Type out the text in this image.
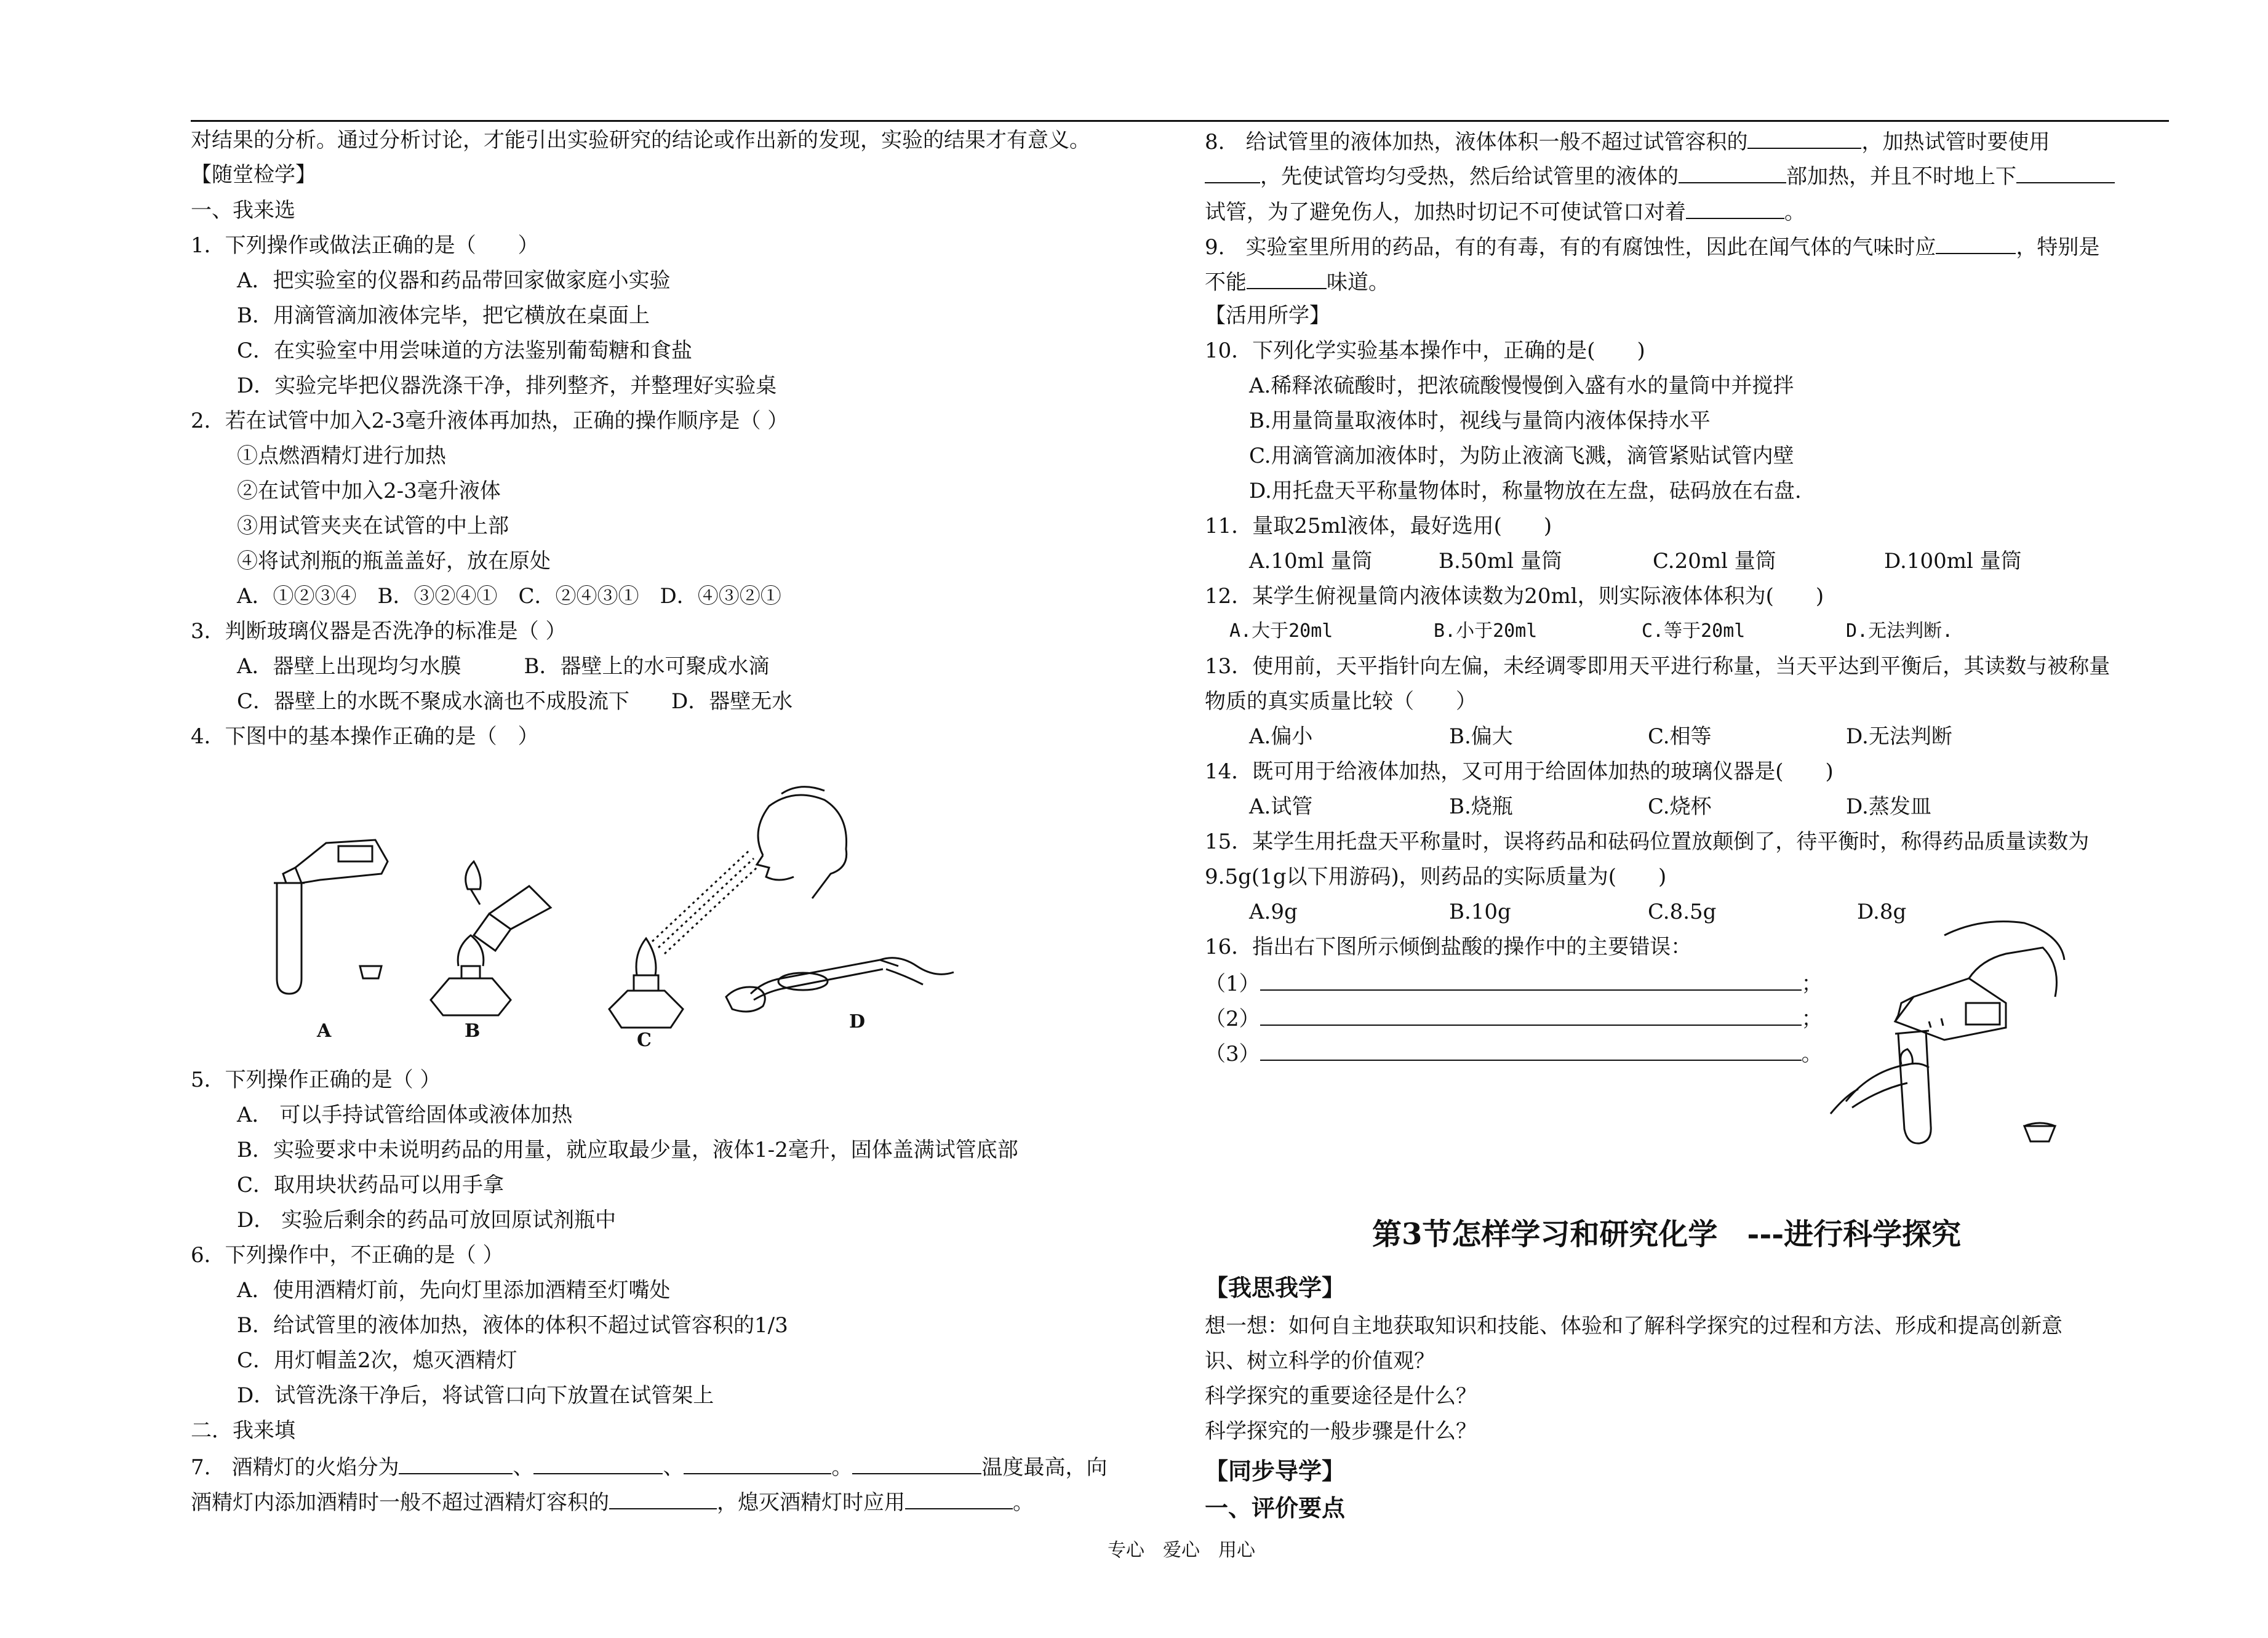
对结果的分析。通过分析讨论，才能引出实验研究的结论或作出新的发现，实验的结果才有意义。
【随堂检学】
一、我来选
1．下列操作或做法正确的是（　　）
A．把实验室的仪器和药品带回家做家庭小实验
B．用滴管滴加液体完毕，把它横放在桌面上
C．在实验室中用尝味道的方法鉴别葡萄糖和食盐
D．实验完毕把仪器洗涤干净，排列整齐，并整理好实验桌
2．若在试管中加入2-3毫升液体再加热，正确的操作顺序是（ ）
①点燃酒精灯进行加热
②在试管中加入2-3毫升液体
③用试管夹夹在试管的中上部
④将试剂瓶的瓶盖盖好，放在原处
A．①②③④　B．③②④①　C．②④③①　D．④③②①
3．判断玻璃仪器是否洗净的标准是（ ）
A．器壁上出现均匀水膜　　　B．器壁上的水可聚成水滴
C．器壁上的水既不聚成水滴也不成股流下　　D．器壁无水
4．下图中的基本操作正确的是（　）
A	B	C
D
5．下列操作正确的是（ ）
A． 可以手持试管给固体或液体加热
B．实验要求中未说明药品的用量，就应取最少量，液体1-2毫升，固体盖满试管底部
C．取用块状药品可以用手拿
D． 实验后剩余的药品可放回原试剂瓶中
6．下列操作中，不正确的是（ ）
A．使用酒精灯前，先向灯里添加酒精至灯嘴处
B．给试管里的液体加热，液体的体积不超过试管容积的1/3
C．用灯帽盖2次，熄灭酒精灯
D．试管洗涤干净后，将试管口向下放置在试管架上
二．我来填
7.　酒精灯的火焰分为	、	、	。	温度最高，向
酒精灯内添加酒精时一般不超过酒精灯容积的	，熄灭酒精灯时应用	。
8.　给试管里的液体加热，液体体积一般不超过试管容积的	，加热试管时要使用
，先使试管均匀受热，然后给试管里的液体的	部加热，并且不时地上下
试管，为了避免伤人，加热时切记不可使试管口对着	。
9.　实验室里所用的药品，有的有毒，有的有腐蚀性，因此在闻气体的气味时应	，特别是
不能	味道。
【活用所学】
10．下列化学实验基本操作中，正确的是(　　)
A.稀释浓硫酸时，把浓硫酸慢慢倒入盛有水的量筒中并搅拌
B.用量筒量取液体时，视线与量筒内液体保持水平
C.用滴管滴加液体时，为防止液滴飞溅，滴管紧贴试管内壁
D.用托盘天平称量物体时，称量物放在左盘，砝码放在右盘.
11．量取25ml液体，最好选用(　　)
A.10ml 量筒	B.50ml 量筒	C.20ml 量筒	D.100ml 量筒
12．某学生俯视量筒内液体读数为20ml，则实际液体体积为(　　)
A.大于20ml	B.小于20ml	C.等于20ml	D.无法判断.
13．使用前，天平指针向左偏，未经调零即用天平进行称量，当天平达到平衡后，其读数与被称量
物质的真实质量比较（　　）
A.偏小	B.偏大	C.相等	D.无法判断
14．既可用于给液体加热，又可用于给固体加热的玻璃仪器是(　　)
A.试管	B.烧瓶	C.烧杯	D.蒸发皿
15．某学生用托盘天平称量时，误将药品和砝码位置放颠倒了，待平衡时，称得药品质量读数为
9.5g(1g以下用游码)，则药品的实际质量为(　　)
A.9g	B.10g	C.8.5g	D.8g
16．指出右下图所示倾倒盐酸的操作中的主要错误：
（1）	；
（2）	；
（3）	。
第3节怎样学习和研究化学　---进行科学探究
【我思我学】
想一想：如何自主地获取知识和技能、体验和了解科学探究的过程和方法、形成和提高创新意
识、树立科学的价值观？
科学探究的重要途径是什么？
科学探究的一般步骤是什么？
【同步导学】
一、评价要点
专心　爱心　用心
